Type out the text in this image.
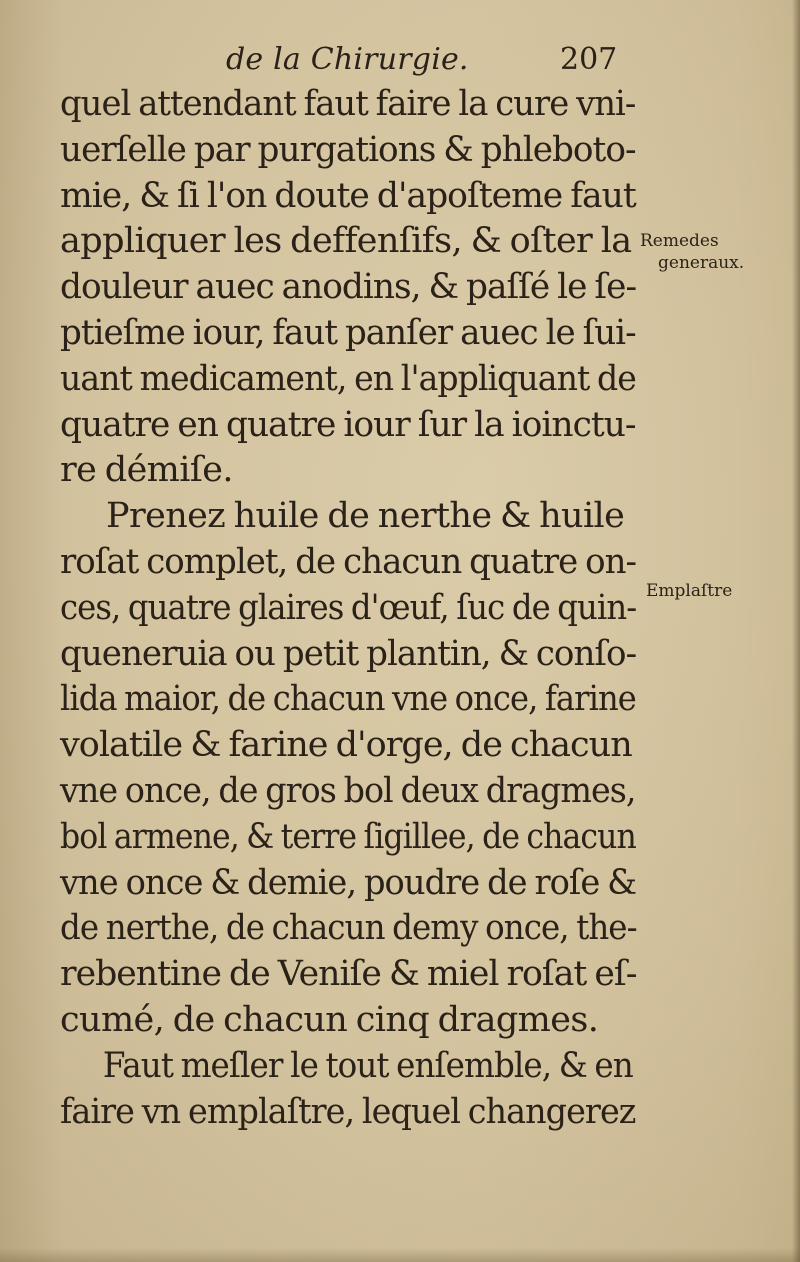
de la Chirurgie.	207
quel attendant faut faire la cure vni-
uerſelle par purgations & phleboto-
mie, & ſi l'on doute d'apoſteme faut
appliquer les deffenſifs, & oſter la
douleur auec anodins, & paſſé le ſe-
ptieſme iour, faut panſer auec le ſui-
uant medicament, en l'appliquant de
quatre en quatre iour ſur la ioinctu-
re démiſe.
Prenez huile de nerthe & huile
roſat complet, de chacun quatre on-
ces, quatre glaires d'œuf, ſuc de quin-
queneruia ou petit plantin, & conſo-
lida maior, de chacun vne once, farine
volatile & farine d'orge, de chacun
vne once, de gros bol deux dragmes,
bol armene, & terre ſigillee, de chacun
vne once & demie, poudre de roſe &
de nerthe, de chacun demy once, the-
rebentine de Veniſe & miel roſat eſ-
cumé, de chacun cinq dragmes.
Faut meſler le tout enſemble, & en
faire vn emplaſtre, lequel changerez
Remedes
generaux.
Emplaſtre
